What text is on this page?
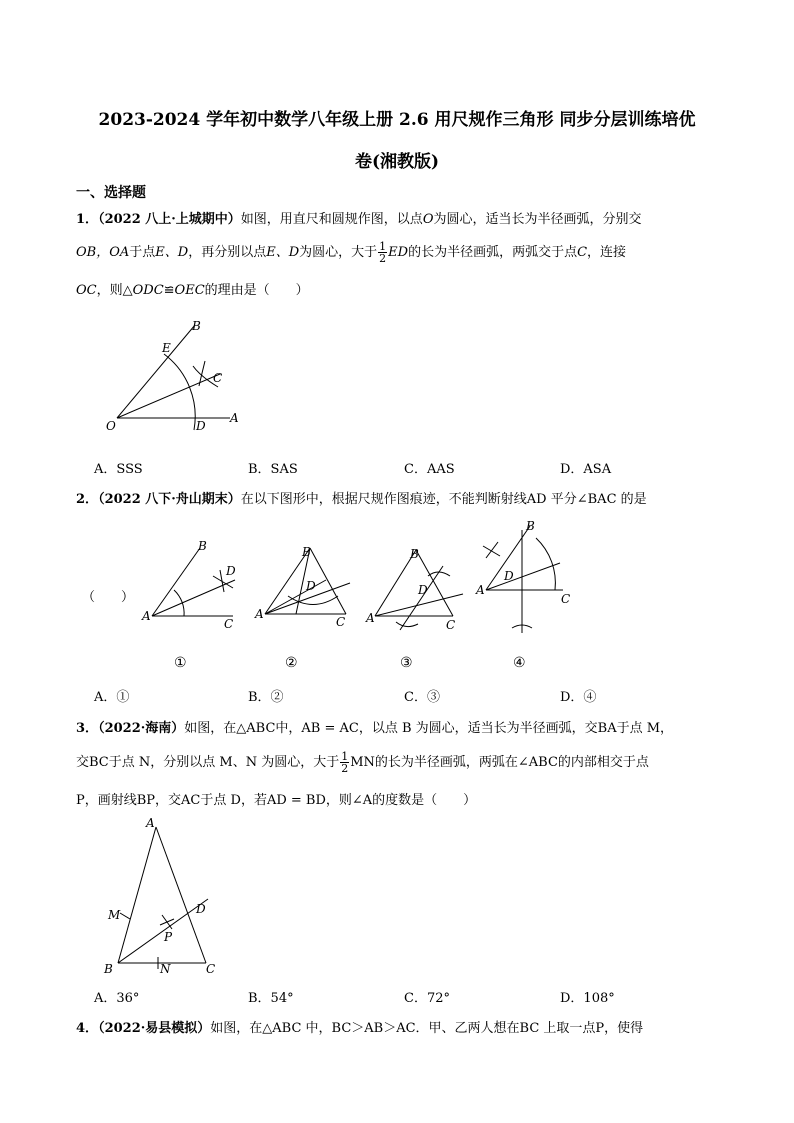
2023-2024 学年初中数学八年级上册 2.6 用尺规作三角形 同步分层训练培优
卷(湘教版)
一、选择题
1．（2022 八上·上城期中）如图，用直尺和圆规作图，以点O为圆心，适当长为半径画弧，分别交
OB，OA于点E、D，再分别以点E、D为圆心，大于 $\frac{1}{2}$ ED的长为半径画弧，两弧交于点C，连接
OC，则△ODC≌OEC的理由是（　　）
B
E
C
O	D
A
A．SSS	B．SAS	C．AAS	D．ASA
2．（2022 八下·舟山期末）在以下图形中，根据尺规作图痕迹，不能判断射线AD 平分∠BAC 的是
（　　）
B
D
A
C
B
D
A
C
B
D
A	C
B
D
A
C
①	②	③	④
A．①	B．②	C．③	D．④
3．（2022·海南）如图，在△ABC中，AB = AC，以点 B 为圆心，适当长为半径画弧，交BA于点 M，
交BC于点 N，分别以点 M、N 为圆心，大于 $\frac{1}{2}$ MN的长为半径画弧，两弧在∠ABC的内部相交于点
P，画射线BP，交AC于点 D，若AD = BD，则∠A的度数是（　　）
A
M	D
P
B	N	C
A．36°	B．54°	C．72°	D．108°
4．（2022·易县模拟）如图，在△ABC 中，BC＞AB＞AC．甲、乙两人想在BC 上取一点P，使得
